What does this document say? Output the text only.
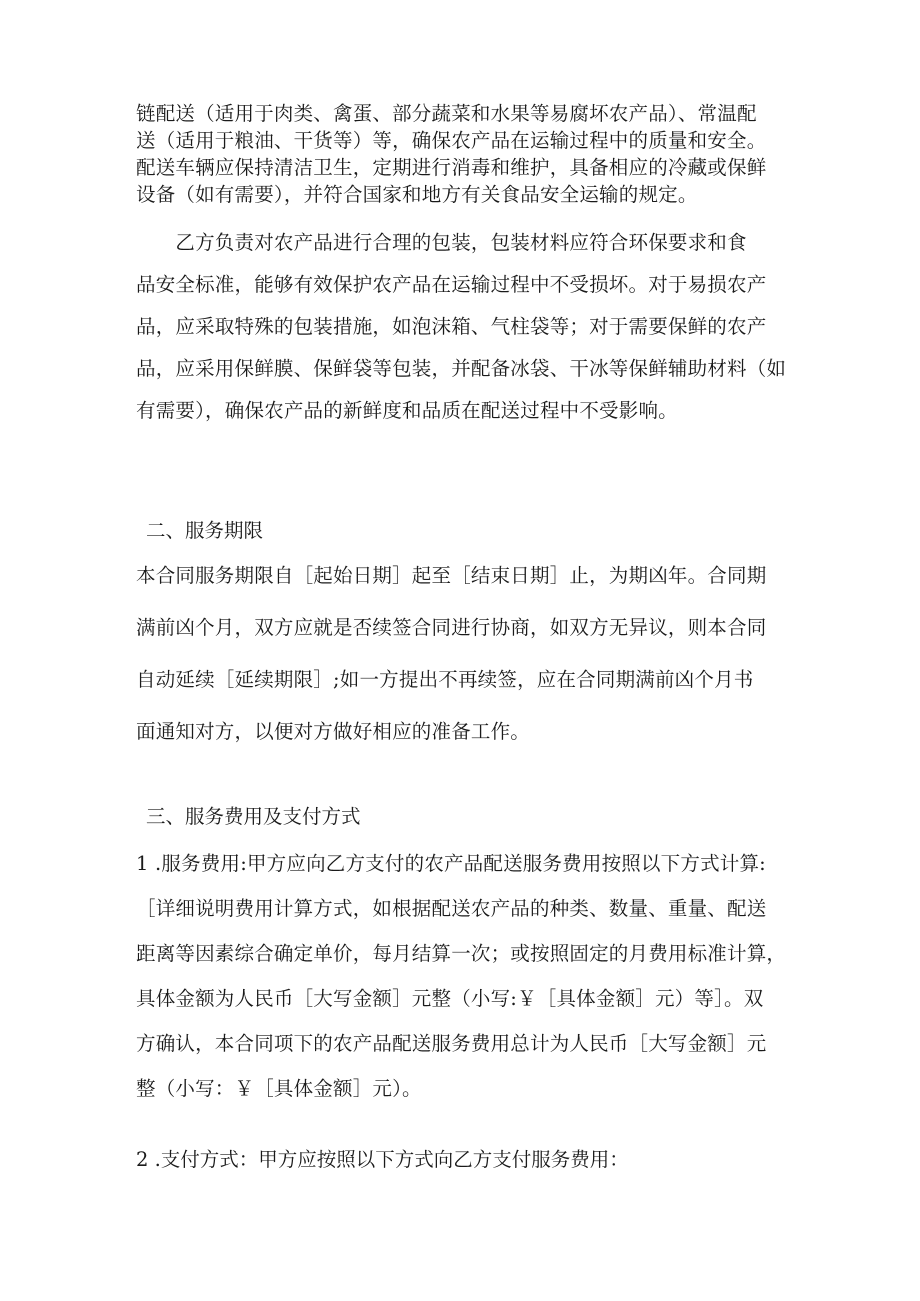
链配送（适用于肉类、禽蛋、部分蔬菜和水果等易腐坏农产品）、常温配
送（适用于粮油、干货等）等，确保农产品在运输过程中的质量和安全。
配送车辆应保持清洁卫生，定期进行消毒和维护，具备相应的冷藏或保鲜
设备（如有需要），并符合国家和地方有关食品安全运输的规定。
　　乙方负责对农产品进行合理的包装，包装材料应符合环保要求和食
品安全标准，能够有效保护农产品在运输过程中不受损坏。对于易损农产
品，应采取特殊的包装措施，如泡沫箱、气柱袋等；对于需要保鲜的农产
品，应采用保鲜膜、保鲜袋等包装，并配备冰袋、干冰等保鲜辅助材料（如
有需要），确保农产品的新鲜度和品质在配送过程中不受影响。
二、服务期限
本合同服务期限自［起始日期］起至［结束日期］止，为期凶年。合同期
满前凶个月，双方应就是否续签合同进行协商，如双方无异议，则本合同
自动延续［延续期限］;如一方提出不再续签，应在合同期满前凶个月书
面通知对方，以便对方做好相应的准备工作。
三、服务费用及支付方式
1 .服务费用:甲方应向乙方支付的农产品配送服务费用按照以下方式计算:
［详细说明费用计算方式，如根据配送农产品的种类、数量、重量、配送
距离等因素综合确定单价，每月结算一次；或按照固定的月费用标准计算，
具体金额为人民币［大写金额］元整（小写:￥［具体金额］元）等］。双
方确认，本合同项下的农产品配送服务费用总计为人民币［大写金额］元
整（小写：￥［具体金额］元）。
2 .支付方式：甲方应按照以下方式向乙方支付服务费用：
